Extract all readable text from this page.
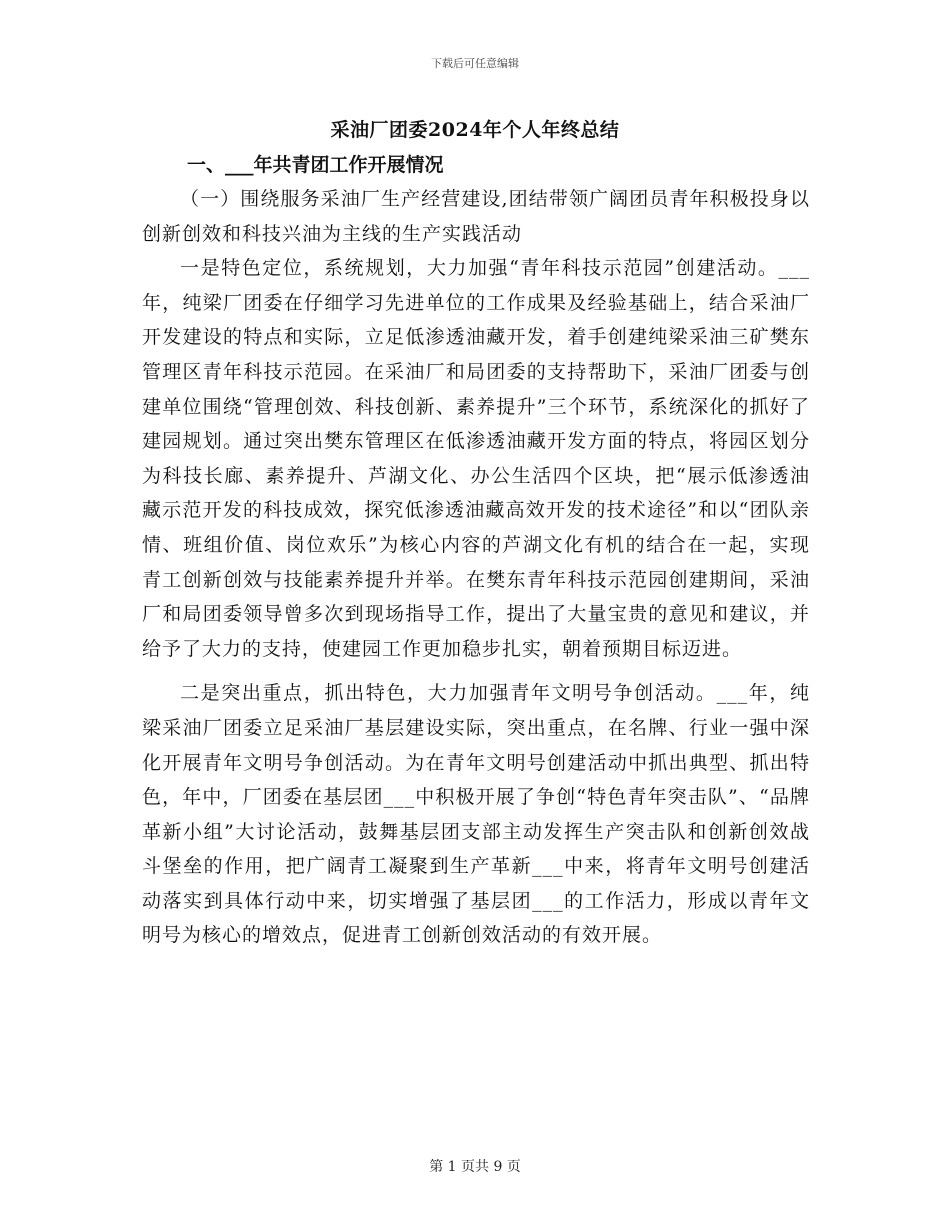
下载后可任意编辑
采油厂团委2024年个人年终总结
一、___年共青团工作开展情况

（一）围绕服务采油厂生产经营建设,团结带领广阔团员青年积极投身以创新创效和科技兴油为主线的生产实践活动

一是特色定位，系统规划，大力加强“青年科技示范园”创建活动。___年，纯梁厂团委在仔细学习先进单位的工作成果及经验基础上，结合采油厂开发建设的特点和实际，立足低渗透油藏开发，着手创建纯梁采油三矿樊东管理区青年科技示范园。在采油厂和局团委的支持帮助下，采油厂团委与创建单位围绕“管理创效、科技创新、素养提升”三个环节，系统深化的抓好了建园规划。通过突出樊东管理区在低渗透油藏开发方面的特点，将园区划分为科技长廊、素养提升、芦湖文化、办公生活四个区块，把“展示低渗透油藏示范开发的科技成效，探究低渗透油藏高效开发的技术途径”和以“团队亲情、班组价值、岗位欢乐”为核心内容的芦湖文化有机的结合在一起，实现青工创新创效与技能素养提升并举。在樊东青年科技示范园创建期间，采油厂和局团委领导曾多次到现场指导工作，提出了大量宝贵的意见和建议，并给予了大力的支持，使建园工作更加稳步扎实，朝着预期目标迈进。

二是突出重点，抓出特色，大力加强青年文明号争创活动。___年，纯梁采油厂团委立足采油厂基层建设实际，突出重点，在名牌、行业一强中深化开展青年文明号争创活动。为在青年文明号创建活动中抓出典型、抓出特色，年中，厂团委在基层团___中积极开展了争创“特色青年突击队”、“品牌革新小组”大讨论活动，鼓舞基层团支部主动发挥生产突击队和创新创效战斗堡垒的作用，把广阔青工凝聚到生产革新___中来，将青年文明号创建活动落实到具体行动中来，切实增强了基层团___的工作活力，形成以青年文明号为核心的增效点，促进青工创新创效活动的有效开展。

第 1 页共 9 页
